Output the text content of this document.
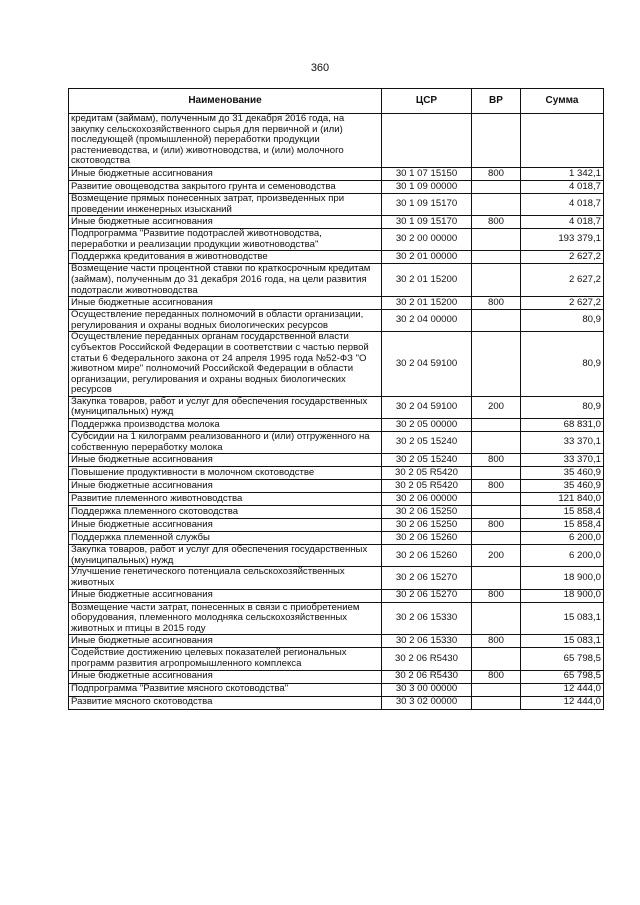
360
Наименование	ЦСР	ВР	Сумма
кредитам (займам), полученным до 31 декабря 2016 года, на закупку сельскохозяйственного сырья для первичной и (или) последующей (промышленной) переработки продукции растениеводства, и (или) животноводства, и (или) молочного скотоводства			
Иные бюджетные ассигнования	30 1 07 15150	800	1 342,1
Развитие овощеводства закрытого грунта и семеноводства	30 1 09 00000		4 018,7
Возмещение прямых понесенных затрат, произведенных при проведении инженерных изысканий	30 1 09 15170		4 018,7
Иные бюджетные ассигнования	30 1 09 15170	800	4 018,7
Подпрограмма "Развитие подотраслей животноводства, переработки и реализации продукции животноводства"	30 2 00 00000		193 379,1
Поддержка кредитования в животноводстве	30 2 01 00000		2 627,2
Возмещение части процентной ставки по краткосрочным кредитам (займам), полученным до 31 декабря 2016 года, на цели развития подотрасли животноводства	30 2 01 15200		2 627,2
Иные бюджетные ассигнования	30 2 01 15200	800	2 627,2
Осуществление переданных полномочий в области организации, регулирования и охраны водных биологических ресурсов	30 2 04 00000		80,9
Осуществление переданных органам государственной власти субъектов Российской Федерации в соответствии с частью первой статьи 6 Федерального закона от 24 апреля 1995 года №52-ФЗ "О животном мире" полномочий Российской Федерации в области организации, регулирования и охраны водных биологических ресурсов	30 2 04 59100		80,9
Закупка товаров, работ и услуг для обеспечения государственных (муниципальных) нужд	30 2 04 59100	200	80,9
Поддержка производства молока	30 2 05 00000		68 831,0
Субсидии на 1 килограмм реализованного и (или) отгруженного на собственную переработку молока	30 2 05 15240		33 370,1
Иные бюджетные ассигнования	30 2 05 15240	800	33 370,1
Повышение продуктивности в молочном скотоводстве	30 2 05 R5420		35 460,9
Иные бюджетные ассигнования	30 2 05 R5420	800	35 460,9
Развитие племенного животноводства	30 2 06 00000		121 840,0
Поддержка племенного скотоводства	30 2 06 15250		15 858,4
Иные бюджетные ассигнования	30 2 06 15250	800	15 858,4
Поддержка племенной службы	30 2 06 15260		6 200,0
Закупка товаров, работ и услуг для обеспечения государственных (муниципальных) нужд	30 2 06 15260	200	6 200,0
Улучшение генетического потенциала сельскохозяйственных животных	30 2 06 15270		18 900,0
Иные бюджетные ассигнования	30 2 06 15270	800	18 900,0
Возмещение части затрат, понесенных в связи с приобретением оборудования, племенного молодняка сельскохозяйственных животных и птицы в 2015 году	30 2 06 15330		15 083,1
Иные бюджетные ассигнования	30 2 06 15330	800	15 083,1
Содействие достижению целевых показателей региональных программ развития агропромышленного комплекса	30 2 06 R5430		65 798,5
Иные бюджетные ассигнования	30 2 06 R5430	800	65 798,5
Подпрограмма "Развитие мясного скотоводства"	30 3 00 00000		12 444,0
Развитие мясного скотоводства	30 3 02 00000		12 444,0
